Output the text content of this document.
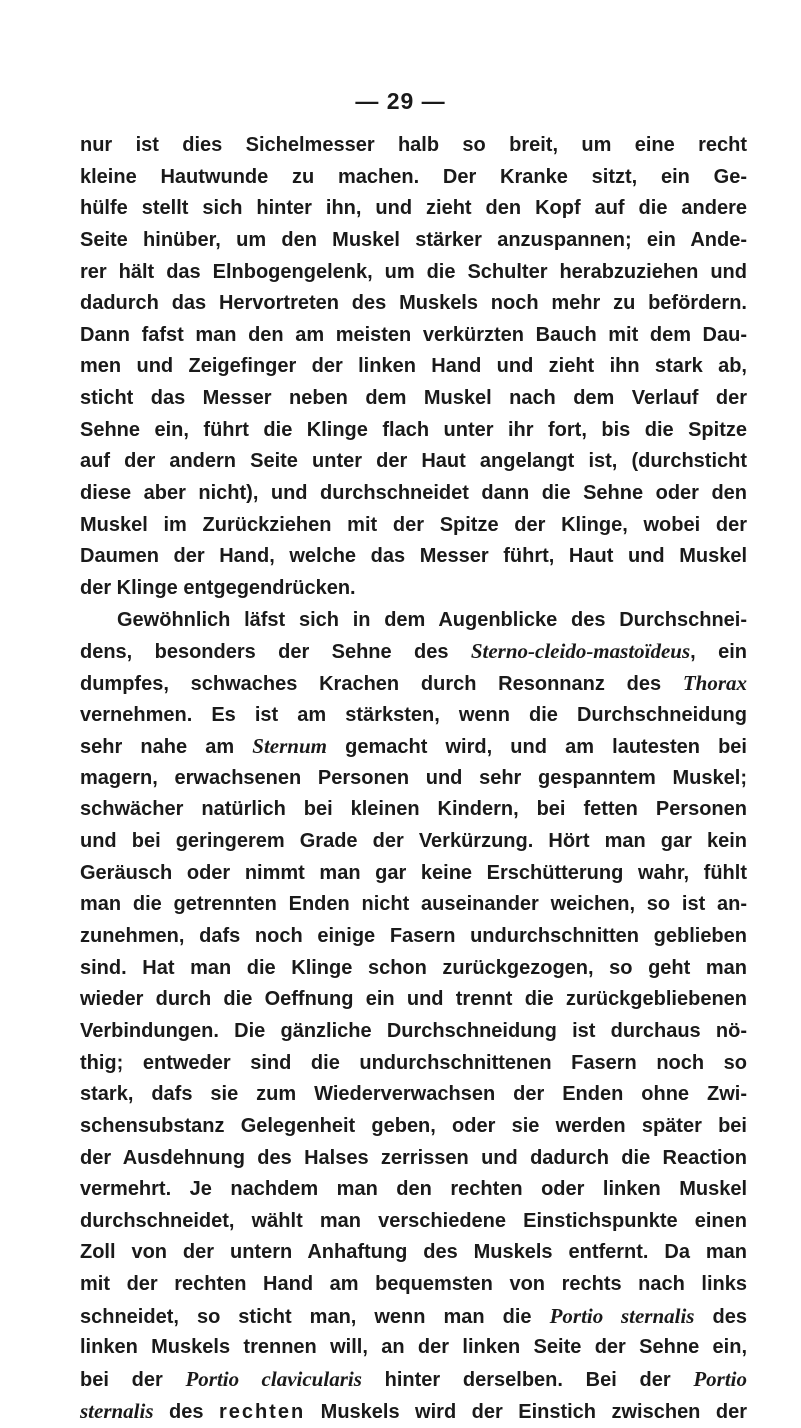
— 29 —
nur ist dies Sichelmesser halb so breit, um eine recht
kleine Hautwunde zu machen. Der Kranke sitzt, ein Ge-
hülfe stellt sich hinter ihn, und zieht den Kopf auf die andere
Seite hinüber, um den Muskel stärker anzuspannen; ein Ande-
rer hält das Elnbogengelenk, um die Schulter herabzuziehen und
dadurch das Hervortreten des Muskels noch mehr zu befördern.
Dann fafst man den am meisten verkürzten Bauch mit dem Dau-
men und Zeigefinger der linken Hand und zieht ihn stark ab,
sticht das Messer neben dem Muskel nach dem Verlauf der
Sehne ein, führt die Klinge flach unter ihr fort, bis die Spitze
auf der andern Seite unter der Haut angelangt ist, (durchsticht
diese aber nicht), und durchschneidet dann die Sehne oder den
Muskel im Zurückziehen mit der Spitze der Klinge, wobei der
Daumen der Hand, welche das Messer führt, Haut und Muskel
der Klinge entgegendrücken.
Gewöhnlich läfst sich in dem Augenblicke des Durchschnei-
dens, besonders der Sehne des Sterno-cleido-mastoïdeus, ein
dumpfes, schwaches Krachen durch Resonnanz des Thorax
vernehmen. Es ist am stärksten, wenn die Durchschneidung
sehr nahe am Sternum gemacht wird, und am lautesten bei
magern, erwachsenen Personen und sehr gespanntem Muskel;
schwächer natürlich bei kleinen Kindern, bei fetten Personen
und bei geringerem Grade der Verkürzung. Hört man gar kein
Geräusch oder nimmt man gar keine Erschütterung wahr, fühlt
man die getrennten Enden nicht auseinander weichen, so ist an-
zunehmen, dafs noch einige Fasern undurchschnitten geblieben
sind. Hat man die Klinge schon zurückgezogen, so geht man
wieder durch die Oeffnung ein und trennt die zurückgebliebenen
Verbindungen. Die gänzliche Durchschneidung ist durchaus nö-
thig; entweder sind die undurchschnittenen Fasern noch so
stark, dafs sie zum Wiederverwachsen der Enden ohne Zwi-
schensubstanz Gelegenheit geben, oder sie werden später bei
der Ausdehnung des Halses zerrissen und dadurch die Reaction
vermehrt. Je nachdem man den rechten oder linken Muskel
durchschneidet, wählt man verschiedene Einstichspunkte einen
Zoll von der untern Anhaftung des Muskels entfernt. Da man
mit der rechten Hand am bequemsten von rechts nach links
schneidet, so sticht man, wenn man die Portio sternalis des
linken Muskels trennen will, an der linken Seite der Sehne ein,
bei der Portio clavicularis hinter derselben. Bei der Portio
sternalis des rechten Muskels wird der Einstich zwischen der
